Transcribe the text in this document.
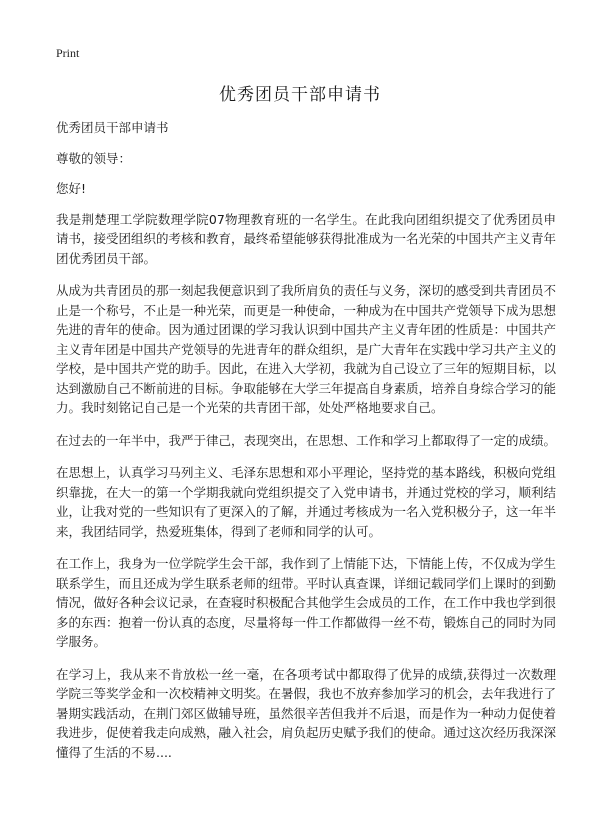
Print
优秀团员干部申请书

优秀团员干部申请书

尊敬的领导：

您好!

我是荆楚理工学院数理学院07物理教育班的一名学生。在此我向团组织提交了优秀团员申请书，接受团组织的考核和教育，最终希望能够获得批准成为一名光荣的中国共产主义青年团优秀团员干部。

从成为共青团员的那一刻起我便意识到了我所肩负的责任与义务，深切的感受到共青团员不止是一个称号，不止是一种光荣，而更是一种使命，一种成为在中国共产党领导下成为思想先进的青年的使命。因为通过团课的学习我认识到中国共产主义青年团的性质是：中国共产主义青年团是中国共产党领导的先进青年的群众组织，是广大青年在实践中学习共产主义的学校，是中国共产党的助手。因此，在进入大学初，我就为自己设立了三年的短期目标，以达到激励自己不断前进的目标。争取能够在大学三年提高自身素质，培养自身综合学习的能力。我时刻铭记自己是一个光荣的共青团干部，处处严格地要求自己。

在过去的一年半中，我严于律己，表现突出，在思想、工作和学习上都取得了一定的成绩。

在思想上，认真学习马列主义、毛泽东思想和邓小平理论，坚持党的基本路线，积极向党组织靠拢，在大一的第一个学期我就向党组织提交了入党申请书，并通过党校的学习，顺利结业，让我对党的一些知识有了更深入的了解，并通过考核成为一名入党积极分子，这一年半来，我团结同学，热爱班集体，得到了老师和同学的认可。

在工作上，我身为一位学院学生会干部，我作到了上情能下达，下情能上传，不仅成为学生联系学生，而且还成为学生联系老师的纽带。平时认真查课，详细记载同学们上课时的到勤情况，做好各种会议记录，在查寝时积极配合其他学生会成员的工作，在工作中我也学到很多的东西：抱着一份认真的态度，尽量将每一件工作都做得一丝不苟，锻炼自己的同时为同学服务。

在学习上，我从来不肯放松一丝一毫，在各项考试中都取得了优异的成绩,获得过一次数理学院三等奖学金和一次校精神文明奖。在暑假，我也不放弃参加学习的机会，去年我进行了暑期实践活动，在荆门郊区做辅导班，虽然很辛苦但我并不后退，而是作为一种动力促使着我进步，促使着我走向成熟，融入社会，肩负起历史赋予我们的使命。通过这次经历我深深懂得了生活的不易....
